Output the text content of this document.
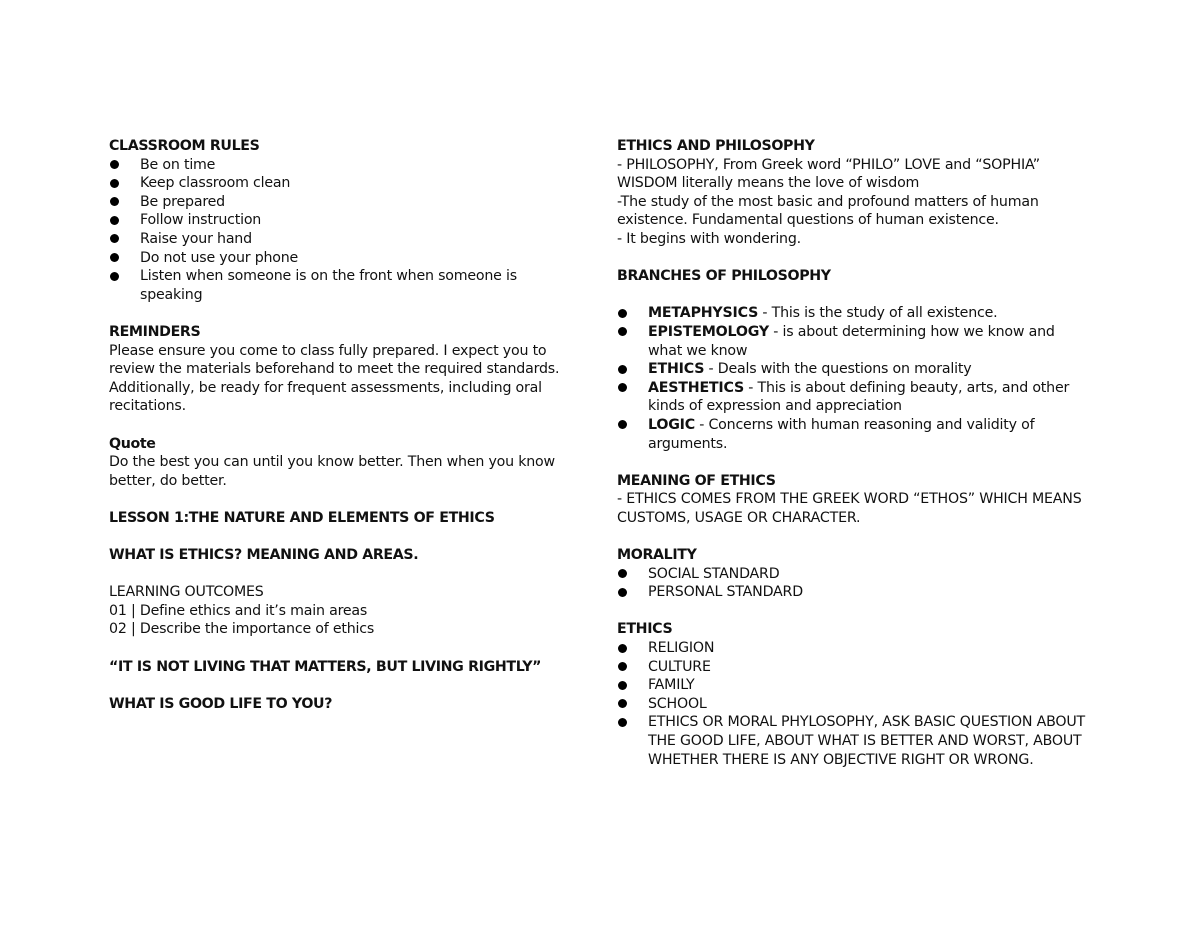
CLASSROOM RULES

Be on time
Keep classroom clean
Be prepared
Follow instruction
Raise your hand
Do not use your phone
Listen when someone is on the front when someone is speaking

REMINDERS

Please ensure you come to class fully prepared. I expect you to review the materials beforehand to meet the required standards. Additionally, be ready for frequent assessments, including oral recitations.

Quote

Do the best you can until you know better. Then when you know better, do better.

LESSON 1:THE NATURE AND ELEMENTS OF ETHICS

WHAT IS ETHICS? MEANING AND AREAS.

LEARNING OUTCOMES

01 | Define ethics and it’s main areas

02 | Describe the importance of ethics

“IT IS NOT LIVING THAT MATTERS, BUT LIVING RIGHTLY”

WHAT IS GOOD LIFE TO YOU?

ETHICS AND PHILOSOPHY

- PHILOSOPHY, From Greek word “PHILO” LOVE and “SOPHIA”

WISDOM literally means the love of wisdom

-The study of the most basic and profound matters of human

existence. Fundamental questions of human existence.

- It begins with wondering.

BRANCHES OF PHILOSOPHY

METAPHYSICS - This is the study of all existence.
EPISTEMOLOGY - is about determining how we know and what we know
ETHICS - Deals with the questions on morality
AESTHETICS - This is about defining beauty, arts, and other kinds of expression and appreciation
LOGIC - Concerns with human reasoning and validity of arguments.

MEANING OF ETHICS

- ETHICS COMES FROM THE GREEK WORD “ETHOS” WHICH MEANS

CUSTOMS, USAGE OR CHARACTER.

MORALITY

SOCIAL STANDARD
PERSONAL STANDARD

ETHICS

RELIGION
CULTURE
FAMILY
SCHOOL
ETHICS OR MORAL PHYLOSOPHY, ASK BASIC QUESTION ABOUT THE GOOD LIFE, ABOUT WHAT IS BETTER AND WORST, ABOUT WHETHER THERE IS ANY OBJECTIVE RIGHT OR WRONG.
